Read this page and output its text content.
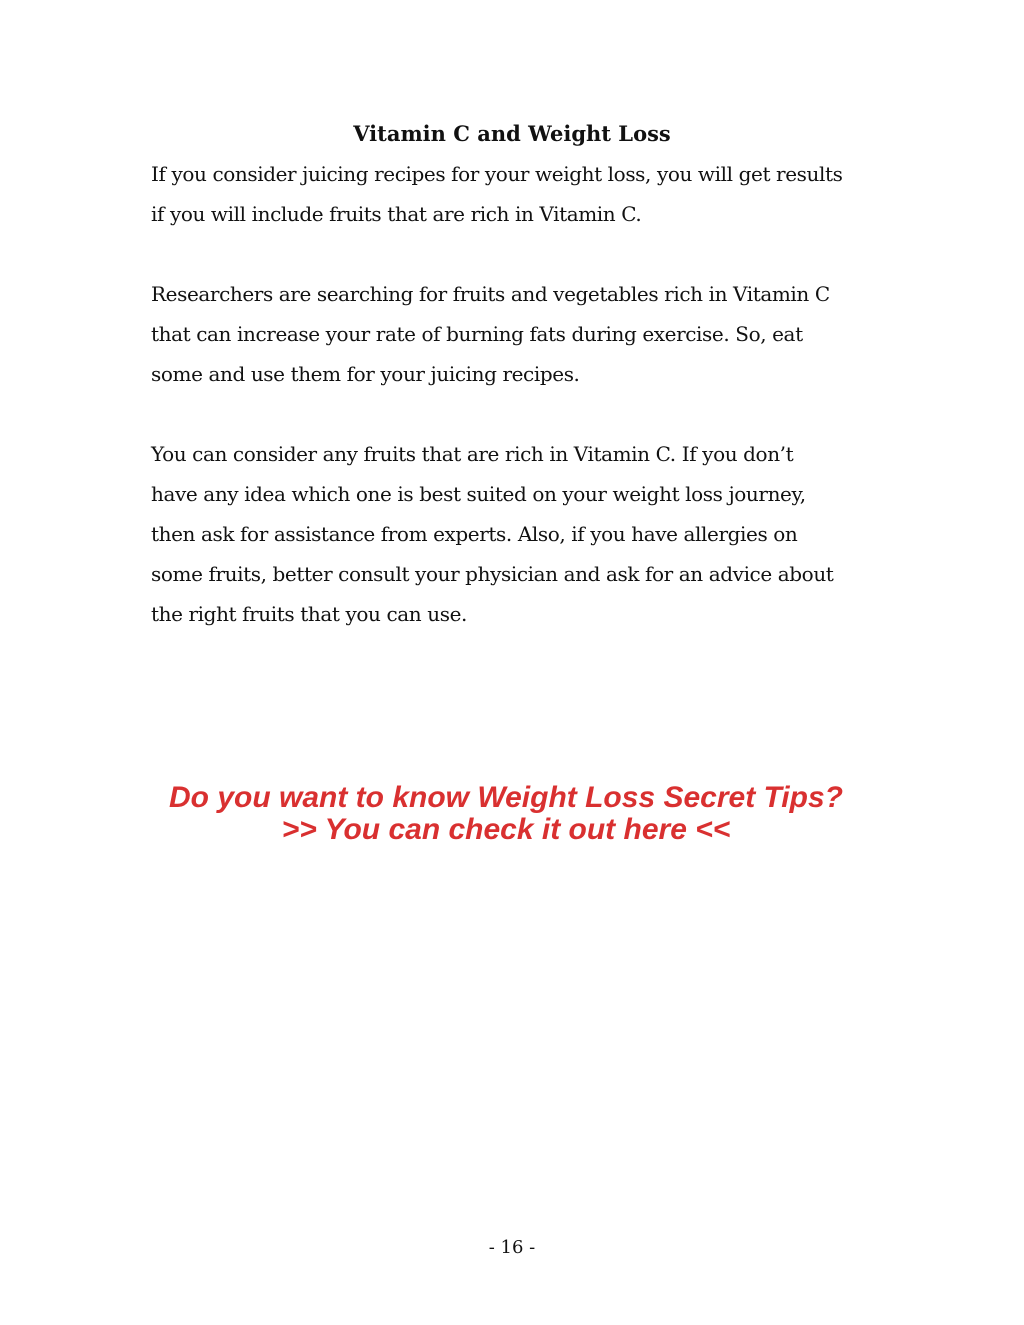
Vitamin C and Weight Loss

If you consider juicing recipes for your weight loss, you will get results
if you will include fruits that are rich in Vitamin C.

Researchers are searching for fruits and vegetables rich in Vitamin C
that can increase your rate of burning fats during exercise. So, eat
some and use them for your juicing recipes.

You can consider any fruits that are rich in Vitamin C. If you don’t
have any idea which one is best suited on your weight loss journey,
then ask for assistance from experts. Also, if you have allergies on
some fruits, better consult your physician and ask for an advice about
the right fruits that you can use.

Do you want to know Weight Loss Secret Tips?
>> You can check it out here <<
- 16 -
